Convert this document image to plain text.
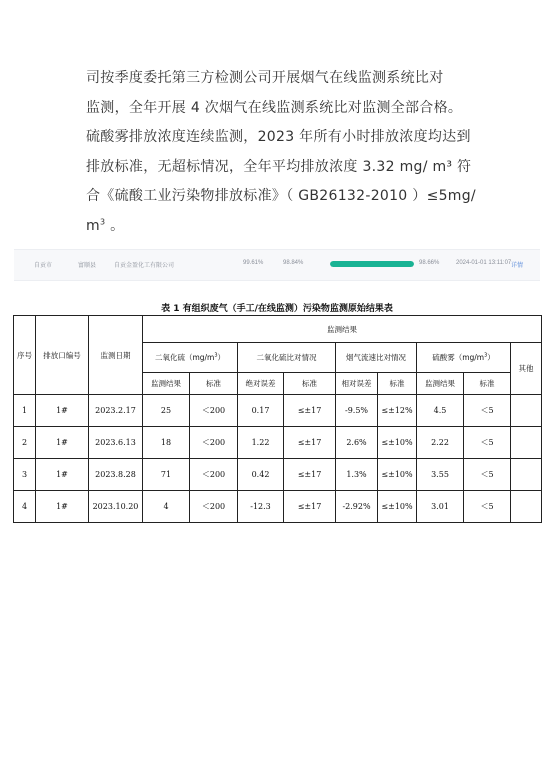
司按季度委托第三方检测公司开展烟气在线监测系统比对
监测，全年开展 4 次烟气在线监测系统比对监测全部合格。
硫酸雾排放浓度连续监测，2023 年所有小时排放浓度均达到
排放标准，无超标情况，全年平均排放浓度 3.32 mg/ m³ 符
合《硫酸工业污染物排放标准》（ GB26132-2010 ）≤5mg/
$m^3$ 。
自贡市	富顺县	自贡金盈化工有限公司	99.61%	98.84%	98.66%	2024-01-01 13:11:07 详情
表 1 有组织废气（手工/在线监测）污染物监测原始结果表
序号	排放口编号	监测日期	监测结果								
			二氧化硫$(mg/m^3)$		二氧化硫比对情况		烟气流速比对情况		硫酸雾$(mg/m^3)$		其他
			监测结果	标准	绝对误差	标准	相对误差	标准	监测结果	标准	
1	1#	2023.2.17	25	＜200	0.17	≤±17	-9.5%	≤±12%	4.5	＜5	
2	1#	2023.6.13	18	＜200	1.22	≤±17	2.6%	≤±10%	2.22	＜5	
3	1#	2023.8.28	71	＜200	0.42	≤±17	1.3%	≤±10%	3.55	＜5	
4	1#	2023.10.20	4	＜200	-12.3	≤±17	-2.92%	≤±10%	3.01	＜5	
